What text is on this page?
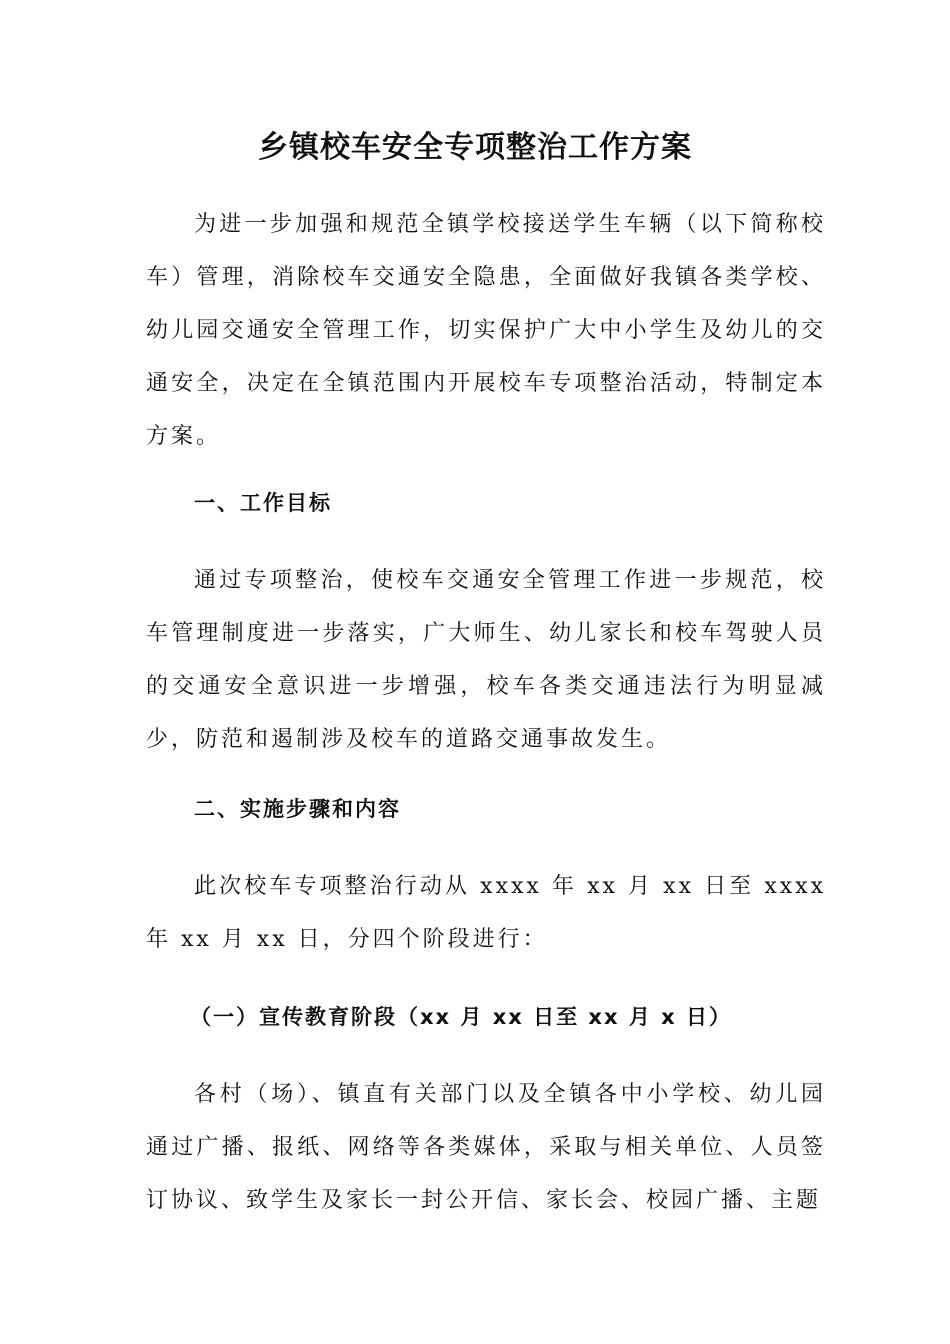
乡镇校车安全专项整治工作方案

为进一步加强和规范全镇学校接送学生车辆（以下简称校车）管理，消除校车交通安全隐患，全面做好我镇各类学校、幼儿园交通安全管理工作，切实保护广大中小学生及幼儿的交通安全，决定在全镇范围内开展校车专项整治活动，特制定本方案。

一、工作目标

通过专项整治，使校车交通安全管理工作进一步规范，校车管理制度进一步落实，广大师生、幼儿家长和校车驾驶人员的交通安全意识进一步增强，校车各类交通违法行为明显减少，防范和遏制涉及校车的道路交通事故发生。

二、实施步骤和内容

此次校车专项整治行动从 xxxx 年 xx 月 xx 日至 xxxx 年 xx 月 xx 日，分四个阶段进行：

（一）宣传教育阶段（xx 月 xx 日至 xx 月 x 日）

各村（场）、镇直有关部门以及全镇各中小学校、幼儿园通过广播、报纸、网络等各类媒体，采取与相关单位、人员签订协议、致学生及家长一封公开信、家长会、校园广播、主题
